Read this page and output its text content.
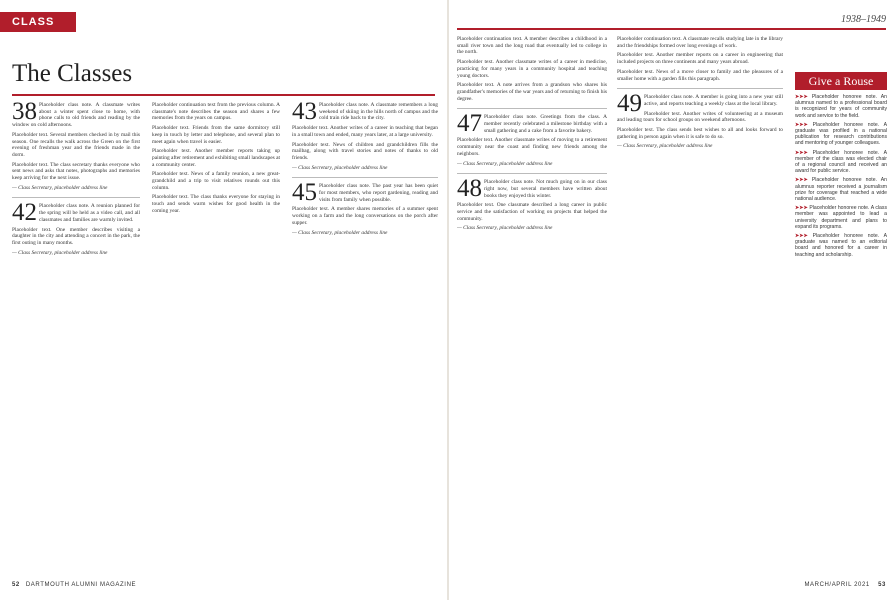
CLASS NOTES
The Classes
38 Placeholder class note. A classmate writes about a winter spent close to home, with phone calls to old friends and reading by the window on cold afternoons.

Placeholder text. Several members checked in by mail this season. One recalls the walk across the Green on the first evening of freshman year and the friends made in the dorm.

Placeholder text. The class secretary thanks everyone who sent news and asks that notes, photographs and memories keep arriving for the next issue.

— Class Secretary, placeholder address line

42 Placeholder class note. A reunion planned for the spring will be held as a video call, and all classmates and families are warmly invited.

Placeholder text. One member describes visiting a daughter in the city and attending a concert in the park, the first outing in many months.

— Class Secretary, placeholder address line

Placeholder continuation text from the previous column. A classmate's note describes the season and shares a few memories from the years on campus.

Placeholder text. Friends from the same dormitory still keep in touch by letter and telephone, and several plan to meet again when travel is easier.

Placeholder text. Another member reports taking up painting after retirement and exhibiting small landscapes at a community center.

Placeholder text. News of a family reunion, a new great-grandchild and a trip to visit relatives rounds out this column.

Placeholder text. The class thanks everyone for staying in touch and sends warm wishes for good health in the coming year.

43 Placeholder class note. A classmate remembers a long weekend of skiing in the hills north of campus and the cold train ride back to the city.

Placeholder text. Another writes of a career in teaching that began in a small town and ended, many years later, at a large university.

Placeholder text. News of children and grandchildren fills the mailbag, along with travel stories and notes of thanks to old friends.

— Class Secretary, placeholder address line

45 Placeholder class note. The past year has been quiet for most members, who report gardening, reading and visits from family when possible.

Placeholder text. A member shares memories of a summer spent working on a farm and the long conversations on the porch after supper.

— Class Secretary, placeholder address line

52 DARTMOUTH ALUMNI MAGAZINE
1938–1949

Placeholder continuation text. A member describes a childhood in a small river town and the long road that eventually led to college in the north.

Placeholder text. Another classmate writes of a career in medicine, practicing for many years in a community hospital and teaching young doctors.

Placeholder text. A note arrives from a grandson who shares his grandfather's memories of the war years and of returning to finish his degree.

47 Placeholder class note. Greetings from the class. A member recently celebrated a milestone birthday with a small gathering and a cake from a favorite bakery.

Placeholder text. Another classmate writes of moving to a retirement community near the coast and finding new friends among the neighbors.

— Class Secretary, placeholder address line

48 Placeholder class note. Not much going on in our class right now, but several members have written about books they enjoyed this winter.

Placeholder text. One classmate described a long career in public service and the satisfaction of working on projects that helped the community.

— Class Secretary, placeholder address line

Placeholder continuation text. A classmate recalls studying late in the library and the friendships formed over long evenings of work.

Placeholder text. Another member reports on a career in engineering that included projects on three continents and many years abroad.

Placeholder text. News of a move closer to family and the pleasures of a smaller home with a garden fills this paragraph.

49 Placeholder class note. A member is going into a new year still active, and reports teaching a weekly class at the local library.

Placeholder text. Another writes of volunteering at a museum and leading tours for school groups on weekend afternoons.

Placeholder text. The class sends best wishes to all and looks forward to gathering in person again when it is safe to do so.

— Class Secretary, placeholder address line

Give a Rouse

➤➤➤ Placeholder honoree note. An alumnus named to a professional board is recognized for years of community work and service to the field.

➤➤➤ Placeholder honoree note. A graduate was profiled in a national publication for research contributions and mentoring of younger colleagues.

➤➤➤ Placeholder honoree note. A member of the class was elected chair of a regional council and received an award for public service.

➤➤➤ Placeholder honoree note. An alumnus reporter received a journalism prize for coverage that reached a wide national audience.

➤➤➤ Placeholder honoree note. A class member was appointed to lead a university department and plans to expand its programs.

➤➤➤ Placeholder honoree note. A graduate was named to an editorial board and honored for a career in teaching and scholarship.

MARCH/APRIL 2021 53
